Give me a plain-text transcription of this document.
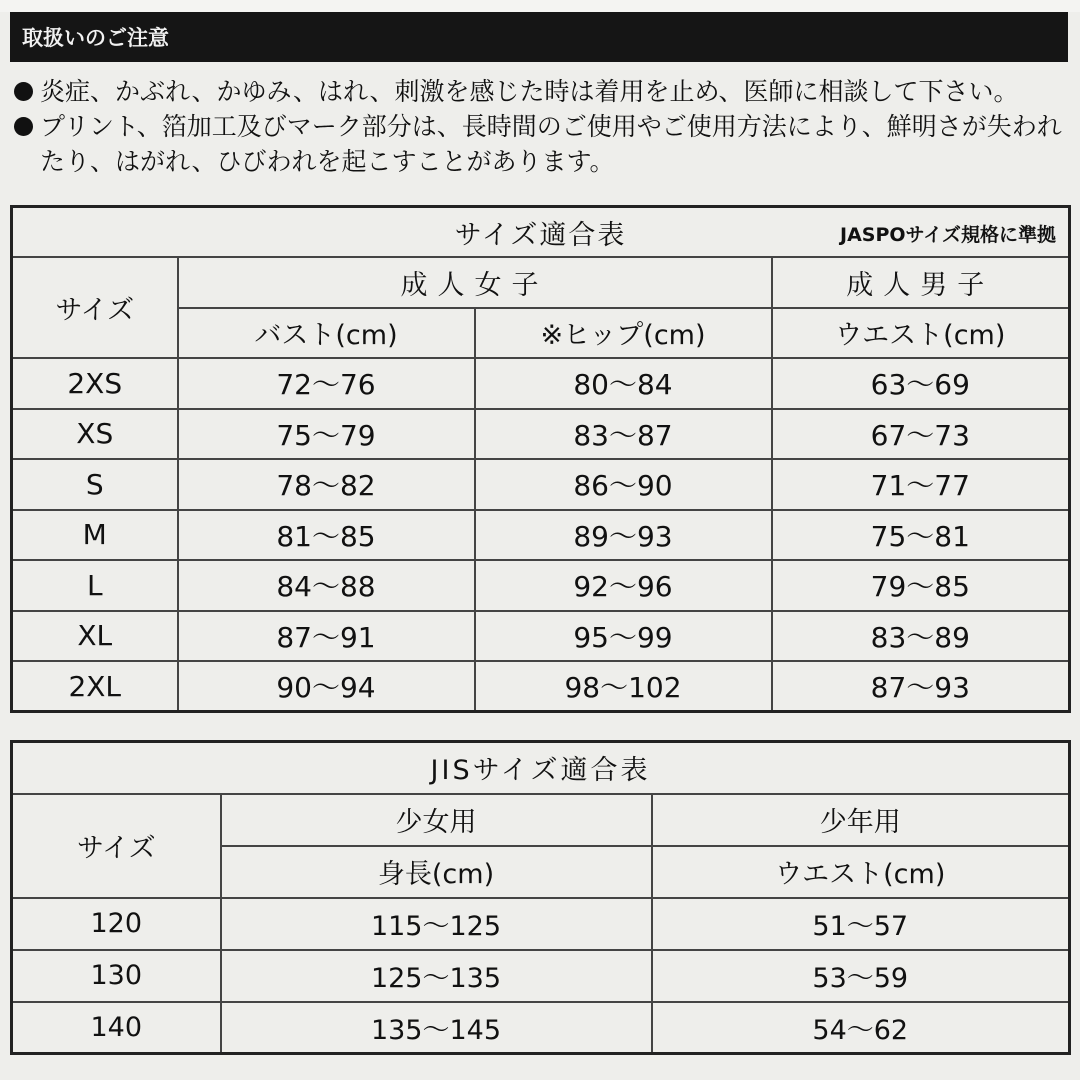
取扱いのご注意
炎症、かぶれ、かゆみ、はれ、刺激を感じた時は着用を止め、医師に相談して下さい。
プリント、箔加工及びマーク部分は、長時間のご使用やご使用方法により、鮮明さが失われたり、はがれ、ひびわれを起こすことがあります。
サイズ適合表 JASPOサイズ規格に準拠			

サイズ	成人女子		成人男子
	バスト(cm)	※ヒップ(cm)	ウエスト(cm)
2XS	72〜76	80〜84	63〜69
XS	75〜79	83〜87	67〜73
S	78〜82	86〜90	71〜77
M	81〜85	89〜93	75〜81
L	84〜88	92〜96	79〜85
XL	87〜91	95〜99	83〜89
2XL	90〜94	98〜102	87〜93
JISサイズ適合表		
サイズ	少女用	少年用
	身長(cm)	ウエスト(cm)
120	115〜125	51〜57
130	125〜135	53〜59
140	135〜145	54〜62
